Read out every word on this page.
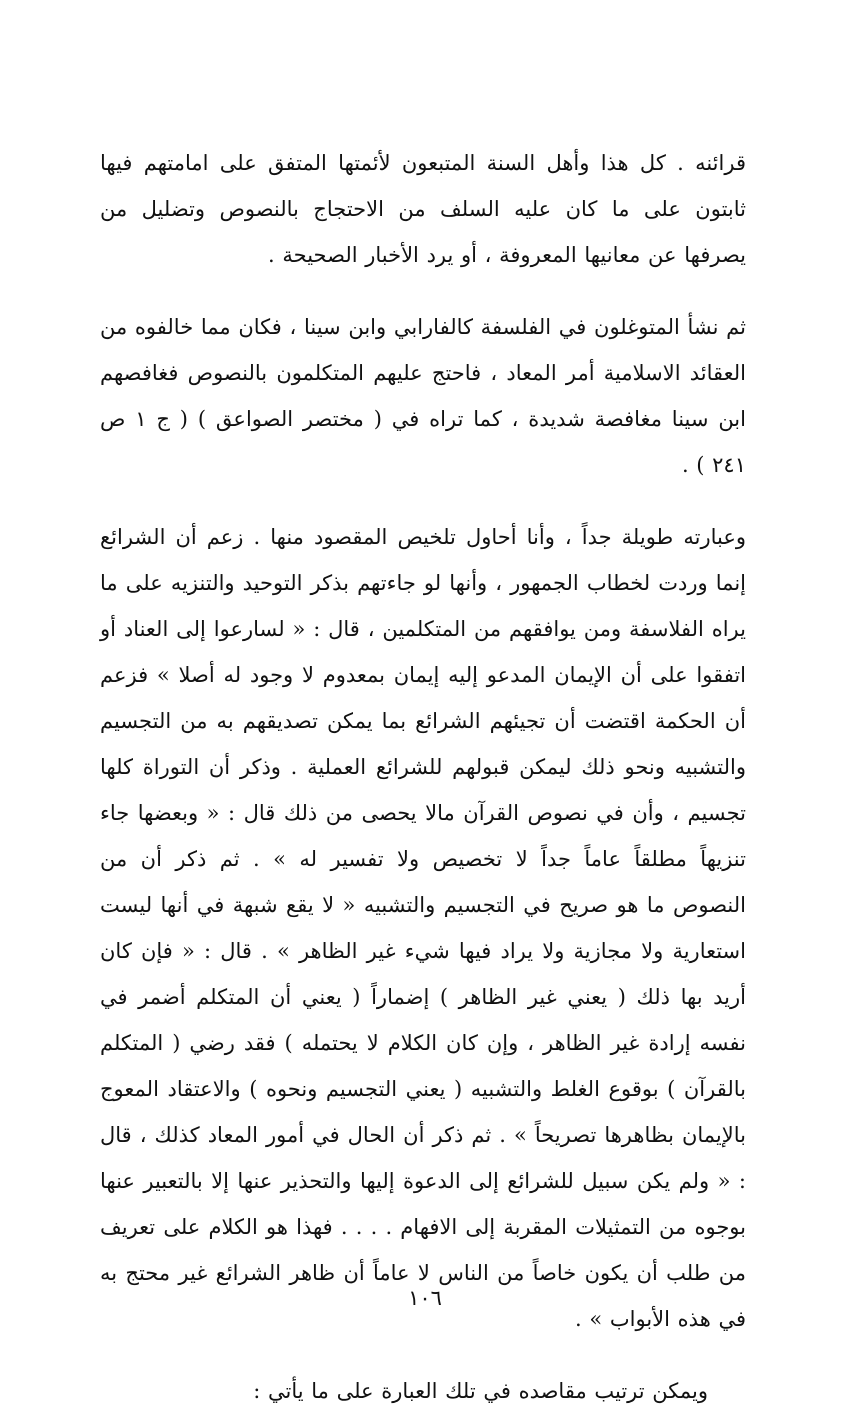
قرائنه . كل هذا وأهل السنة المتبعون لأئمتها المتفق على امامتهم فيها ثابتون على ما كان عليه السلف من الاحتجاج بالنصوص وتضليل من يصرفها عن معانيها المعروفة ، أو يرد الأخبار الصحيحة .

ثم نشأ المتوغلون في الفلسفة كالفارابي وابن سينا ، فكان مما خالفوه من العقائد الاسلامية أمر المعاد ، فاحتج عليهم المتكلمون بالنصوص فغافصهم ابن سينا مغافصة شديدة ، كما تراه في ( مختصر الصواعق ) ( ج ١ ص ٢٤١ ) .

وعبارته طويلة جداً ، وأنا أحاول تلخيص المقصود منها . زعم أن الشرائع إنما وردت لخطاب الجمهور ، وأنها لو جاءتهم بذكر التوحيد والتنزيه على ما يراه الفلاسفة ومن يوافقهم من المتكلمين ، قال : « لسارعوا إلى العناد أو اتفقوا على أن الإيمان المدعو إليه إيمان بمعدوم لا وجود له أصلا » فزعم أن الحكمة اقتضت أن تجيئهم الشرائع بما يمكن تصديقهم به من التجسيم والتشبيه ونحو ذلك ليمكن قبولهم للشرائع العملية . وذكر أن التوراة كلها تجسيم ، وأن في نصوص القرآن مالا يحصى من ذلك قال : « وبعضها جاء تنزيهاً مطلقاً عاماً جداً لا تخصيص ولا تفسير له » . ثم ذكر أن من النصوص ما هو صريح في التجسيم والتشبيه « لا يقع شبهة في أنها ليست استعارية ولا مجازية ولا يراد فيها شيء غير الظاهر » . قال : « فإن كان أريد بها ذلك ( يعني غير الظاهر ) إضماراً ( يعني أن المتكلم أضمر في نفسه إرادة غير الظاهر ، وإن كان الكلام لا يحتمله ) فقد رضي ( المتكلم بالقرآن ) بوقوع الغلط والتشبيه ( يعني التجسيم ونحوه ) والاعتقاد المعوج بالإيمان بظاهرها تصريحاً » . ثم ذكر أن الحال في أمور المعاد كذلك ، قال : « ولم يكن سبيل للشرائع إلى الدعوة إليها والتحذير عنها إلا بالتعبير عنها بوجوه من التمثيلات المقربة إلى الافهام . . . . فهذا هو الكلام على تعريف من طلب أن يكون خاصاً من الناس لا عاماً أن ظاهر الشرائع غير محتج به في هذه الأبواب » .

ويمكن ترتيب مقاصده في تلك العبارة على ما يأتي :

١٠٦
